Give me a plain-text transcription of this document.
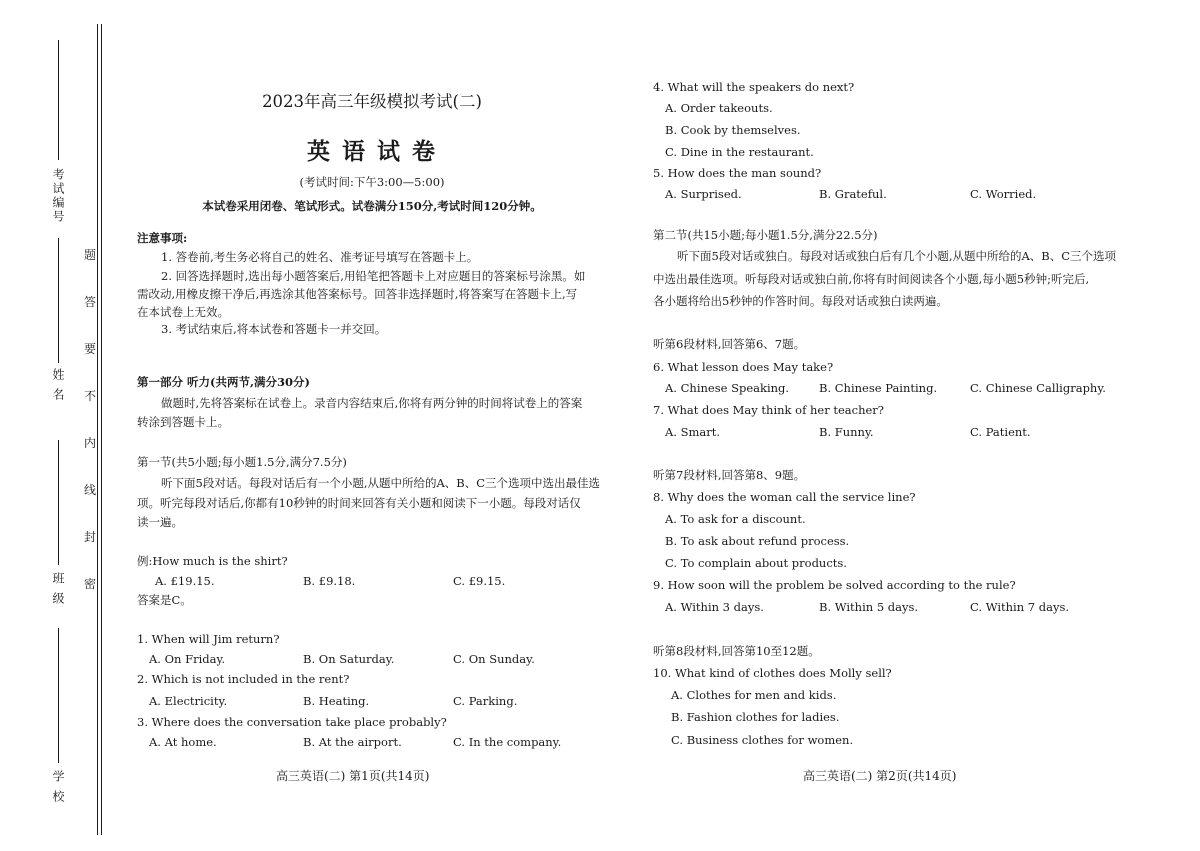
考试编号
姓 名
班 级
学 校
题
答
要
不
内
线
封
密
2023年高三年级模拟考试(二)
英 语 试 卷
(考试时间:下午3:00—5:00)
本试卷采用闭卷、笔试形式。试卷满分150分,考试时间120分钟。
注意事项:
1. 答卷前,考生务必将自己的姓名、准考证号填写在答题卡上。
2. 回答选择题时,选出每小题答案后,用铅笔把答题卡上对应题目的答案标号涂黑。如
需改动,用橡皮擦干净后,再选涂其他答案标号。回答非选择题时,将答案写在答题卡上,写
在本试卷上无效。
3. 考试结束后,将本试卷和答题卡一并交回。
第一部分 听力(共两节,满分30分)
做题时,先将答案标在试卷上。录音内容结束后,你将有两分钟的时间将试卷上的答案
转涂到答题卡上。
第一节(共5小题;每小题1.5分,满分7.5分)
听下面5段对话。每段对话后有一个小题,从题中所给的A、B、C三个选项中选出最佳选
项。听完每段对话后,你都有10秒钟的时间来回答有关小题和阅读下一小题。每段对话仅
读一遍。
例:How much is the shirt?
A. £19.15.	B. £9.18.	C. £9.15.
答案是C。
1. When will Jim return?
A. On Friday.	B. On Saturday.	C. On Sunday.
2. Which is not included in the rent?
A. Electricity.	B. Heating.	C. Parking.
3. Where does the conversation take place probably?
A. At home.	B. At the airport.	C. In the company.
高三英语(二) 第1页(共14页)
4. What will the speakers do next?
A. Order takeouts.
B. Cook by themselves.
C. Dine in the restaurant.
5. How does the man sound?
A. Surprised.	B. Grateful.	C. Worried.
第二节(共15小题;每小题1.5分,满分22.5分)
听下面5段对话或独白。每段对话或独白后有几个小题,从题中所给的A、B、C三个选项
中选出最佳选项。听每段对话或独白前,你将有时间阅读各个小题,每小题5秒钟;听完后,
各小题将给出5秒钟的作答时间。每段对话或独白读两遍。
听第6段材料,回答第6、7题。
6. What lesson does May take?
A. Chinese Speaking.	B. Chinese Painting.	C. Chinese Calligraphy.
7. What does May think of her teacher?
A. Smart.	B. Funny.	C. Patient.
听第7段材料,回答第8、9题。
8. Why does the woman call the service line?
A. To ask for a discount.
B. To ask about refund process.
C. To complain about products.
9. How soon will the problem be solved according to the rule?
A. Within 3 days.	B. Within 5 days.	C. Within 7 days.
听第8段材料,回答第10至12题。
10. What kind of clothes does Molly sell?
A. Clothes for men and kids.
B. Fashion clothes for ladies.
C. Business clothes for women.
高三英语(二) 第2页(共14页)
